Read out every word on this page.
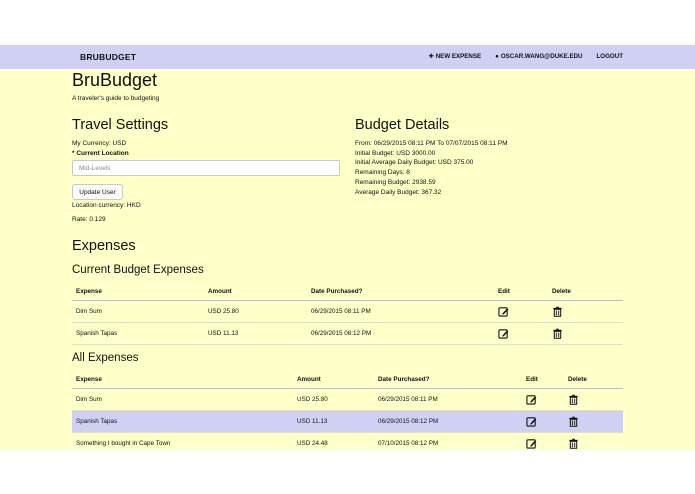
BRUBUDGET	✚ NEW EXPENSE ● OSCAR.WANG@DUKE.EDU LOGOUT
BruBudget
A traveler's guide to budgeting
Travel Settings
My Currency: USD
* Current Location
Mid-Levels
Update User
Location currency: HKD
Rate: 0.129
Budget Details
From: 06/29/2015 08:11 PM To 07/07/2015 08:11 PM
Initial Budget: USD 3000.00
Initial Average Daily Budget: USD 375.00
Remaining Days: 8
Remaining Budget: 2938.59
Average Daily Budget: 367.32
Expenses
Current Budget Expenses
Expense	Amount	Date Purchased?	Edit	Delete
Dim Sum	USD 25.80	06/29/2015 08:11 PM		
Spanish Tapas	USD 11.13	06/29/2015 08:12 PM		
All Expenses
Expense	Amount	Date Purchased?	Edit	Delete
Dim Sum	USD 25.80	06/29/2015 08:11 PM		
Spanish Tapas	USD 11.13	06/29/2015 08:12 PM		
Something I bought in Cape Town	USD 24.48	07/10/2015 08:12 PM		
